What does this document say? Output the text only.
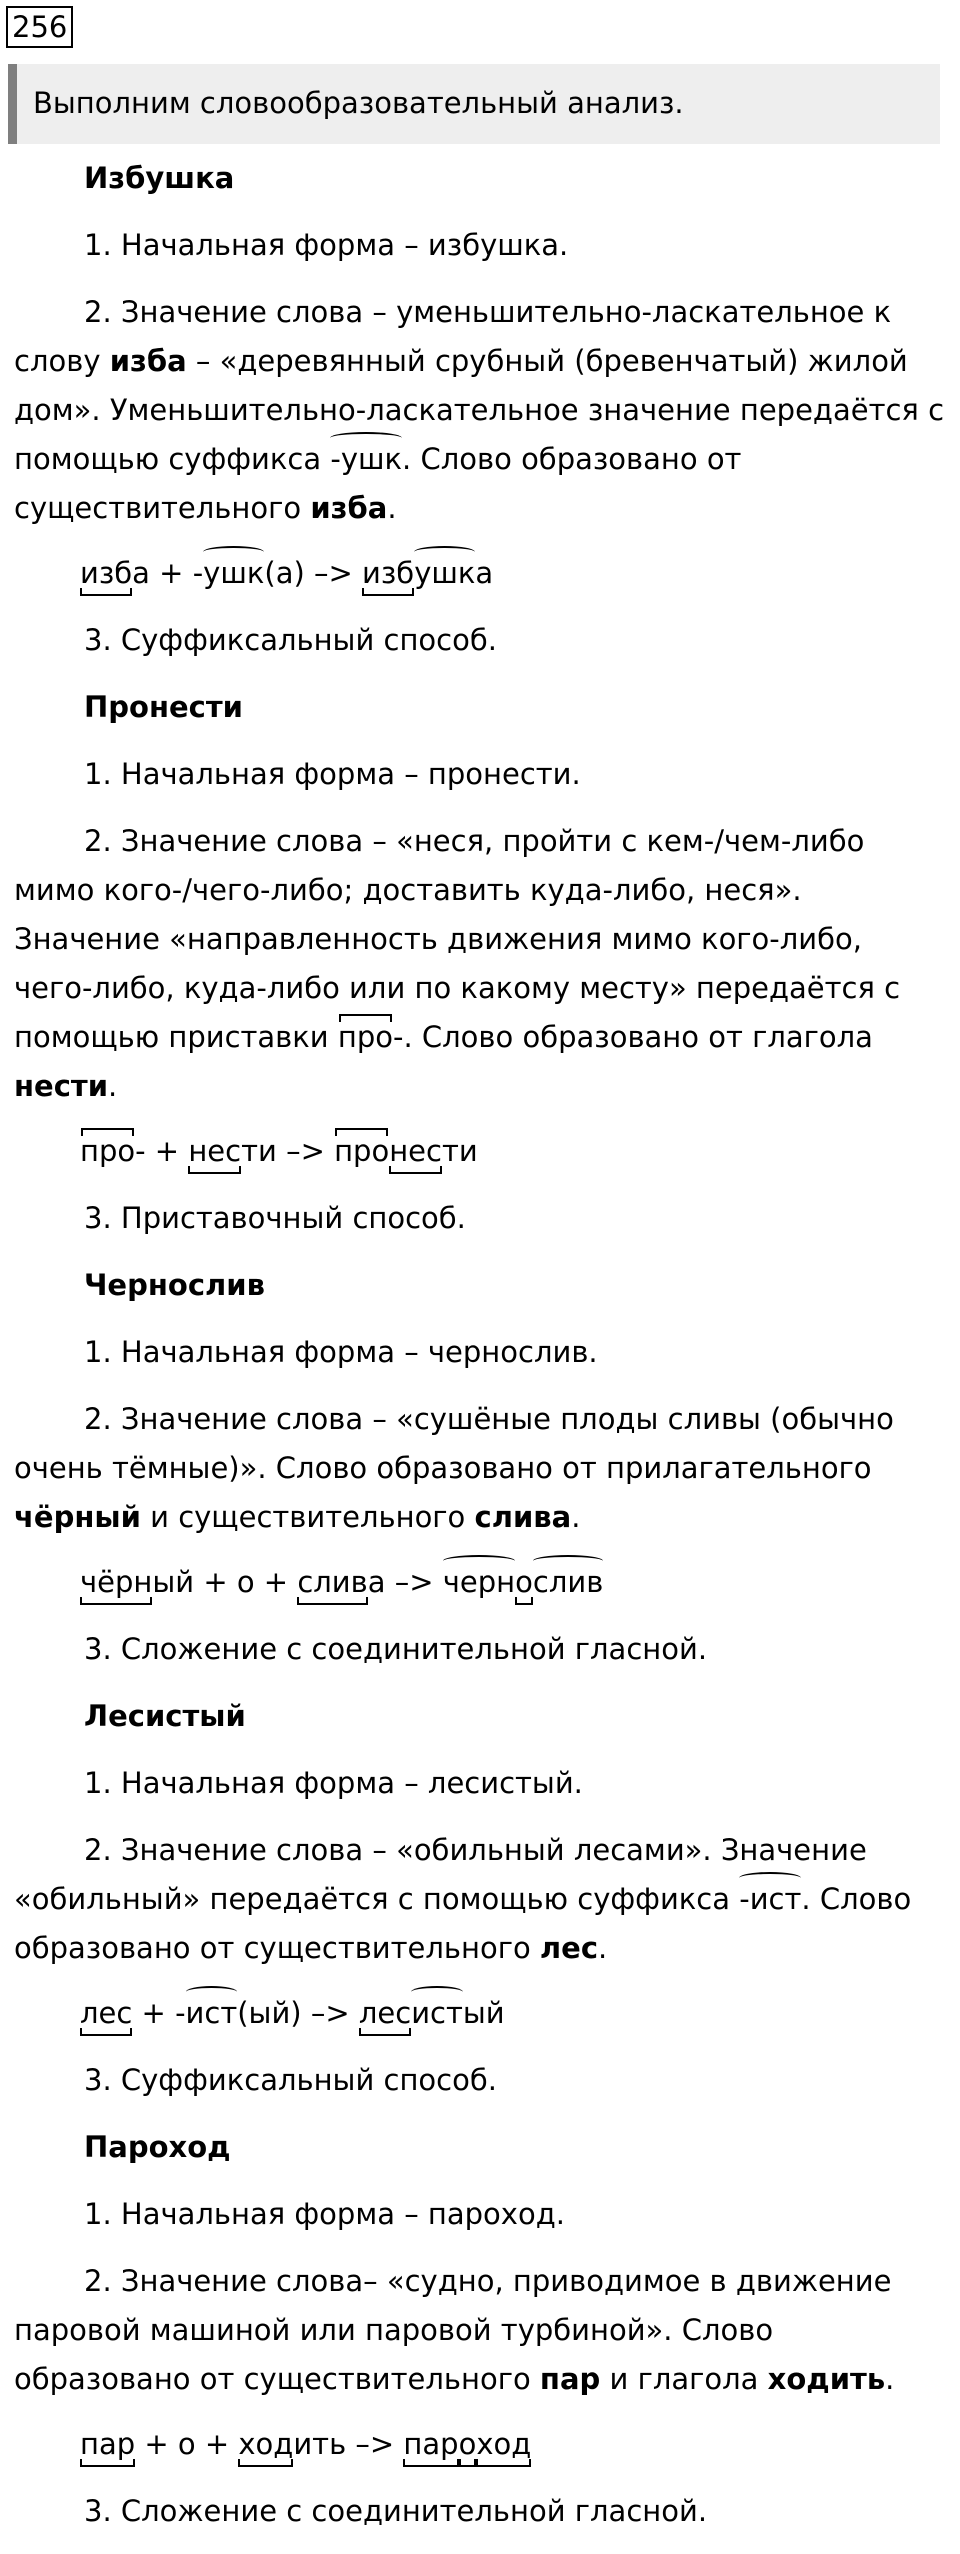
256
Выполним словообразовательный анализ.

Избушка

1. Начальная форма – избушка.

2. Значение слова – уменьшительно-ласкательное к слову изба – «деревянный срубный (бревенчатый) жилой дом». Уменьшительно-ласкательное значение передаётся с помощью суффикса -ушк. Слово образовано от существительного изба.

изба + -ушк(а) –> избушка

3. Суффиксальный способ.

Пронести

1. Начальная форма – пронести.

2. Значение слова – «неся, пройти с кем-/чем-либо мимо кого-/чего-либо; доставить куда-либо, неся». Значение «направленность движения мимо кого-либо, чего-либо, куда-либо или по какому месту» передаётся с помощью приставки про-. Слово образовано от глагола нести.

про- + нести –> пронести

3. Приставочный способ.

Чернослив

1. Начальная форма – чернослив.

2. Значение слова – «сушёные плоды сливы (обычно очень тёмные)». Слово образовано от прилагательного чёрный и существительного слива.

чёрный + о + слива –> чернослив

3. Сложение с соединительной гласной.

Лесистый

1. Начальная форма – лесистый.

2. Значение слова – «обильный лесами». Значение «обильный» передаётся с помощью суффикса -ист. Слово образовано от существительного лес.

лес + -ист(ый) –> лесистый

3. Суффиксальный способ.

Пароход

1. Начальная форма – пароход.

2. Значение слова– «судно, приводимое в движение паровой машиной или паровой турбиной». Слово образовано от существительного пар и глагола ходить.

пар + о + ходить –> пароход

3. Сложение с соединительной гласной.
